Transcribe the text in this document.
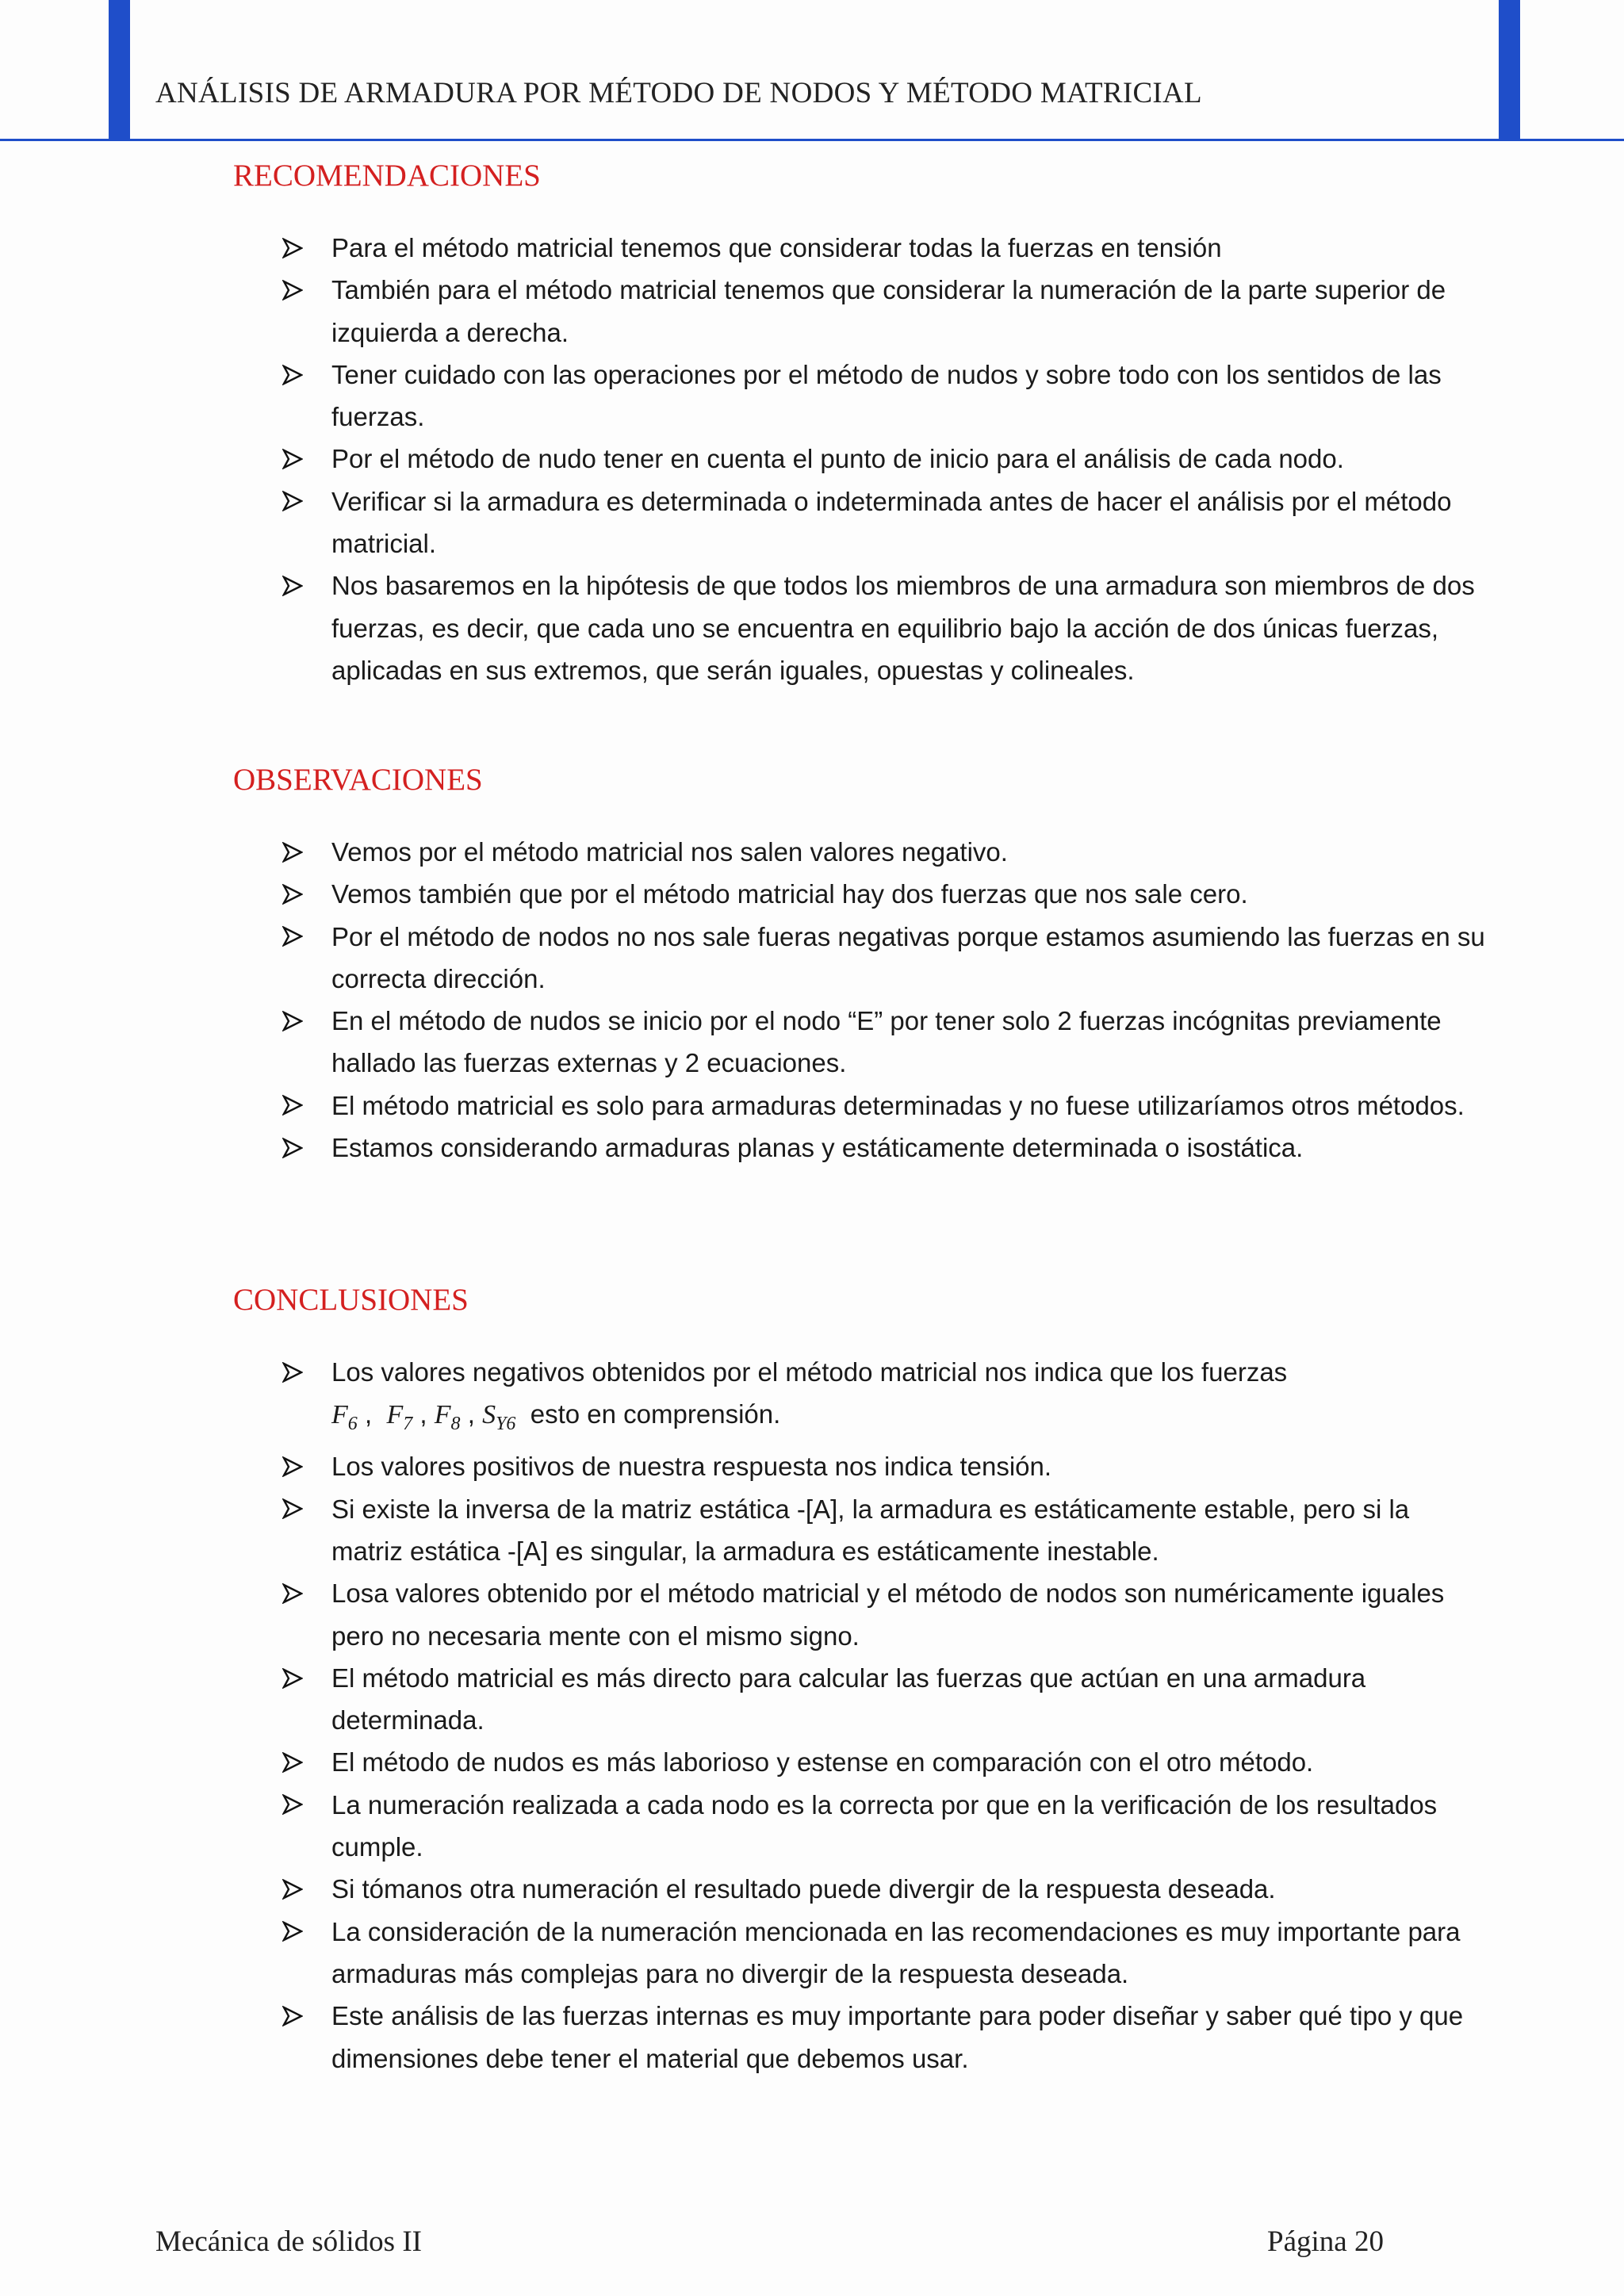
ANÁLISIS DE ARMADURA POR MÉTODO DE NODOS Y MÉTODO MATRICIAL
RECOMENDACIONES
Para el método matricial tenemos que considerar todas la fuerzas en tensión
También para el método matricial tenemos que considerar la numeración de la parte superior de izquierda a derecha.
Tener cuidado con las operaciones por el método de nudos y sobre todo con los sentidos de las fuerzas.
Por el método de nudo tener en cuenta el punto de inicio para el análisis de cada nodo.
Verificar si la armadura es determinada o indeterminada antes de hacer el análisis por el método matricial.
Nos basaremos en la hipótesis de que todos los miembros de una armadura son miembros de dos fuerzas, es decir, que cada uno se encuentra en equilibrio bajo la acción de dos únicas fuerzas, aplicadas en sus extremos, que serán iguales, opuestas y colineales.
OBSERVACIONES
Vemos por el método matricial nos salen valores negativo.
Vemos también que por el método matricial hay dos fuerzas que nos sale cero.
Por el método de nodos no nos sale fueras negativas porque estamos asumiendo las fuerzas en su correcta dirección.
En el método de nudos se inicio por el nodo “E” por tener solo 2 fuerzas incógnitas previamente hallado las fuerzas externas y 2 ecuaciones.
El método matricial es solo para armaduras determinadas y no fuese utilizaríamos otros métodos.
Estamos considerando armaduras planas y estáticamente determinada o isostática.
CONCLUSIONES
Los valores negativos obtenidos por el método matricial nos indica que los fuerzas
$F_6$ ,  $F_7$ , $F_8$ , $S_{Y6}$  esto en comprensión.
Los valores positivos de nuestra respuesta nos indica tensión.
Si existe la inversa de la matriz estática -[A], la armadura es estáticamente estable, pero si la matriz estática -[A] es singular, la armadura es estáticamente inestable.
Losa valores obtenido por el método matricial y el método de nodos son numéricamente iguales pero no necesaria mente con el mismo signo.
El método matricial es más directo para calcular las fuerzas que actúan en una armadura determinada.
El método de nudos es más laborioso y estense en comparación con el otro método.
La numeración realizada a cada nodo es la correcta por que en la verificación de los resultados cumple.
Si tómanos otra numeración el resultado puede divergir de la respuesta deseada.
La consideración de la numeración mencionada en las recomendaciones es muy importante para armaduras más complejas para no divergir de la respuesta deseada.
Este análisis de las fuerzas internas es muy importante para poder diseñar y saber qué tipo y que dimensiones debe tener el material que debemos usar.
Mecánica de sólidos II	Página 20
